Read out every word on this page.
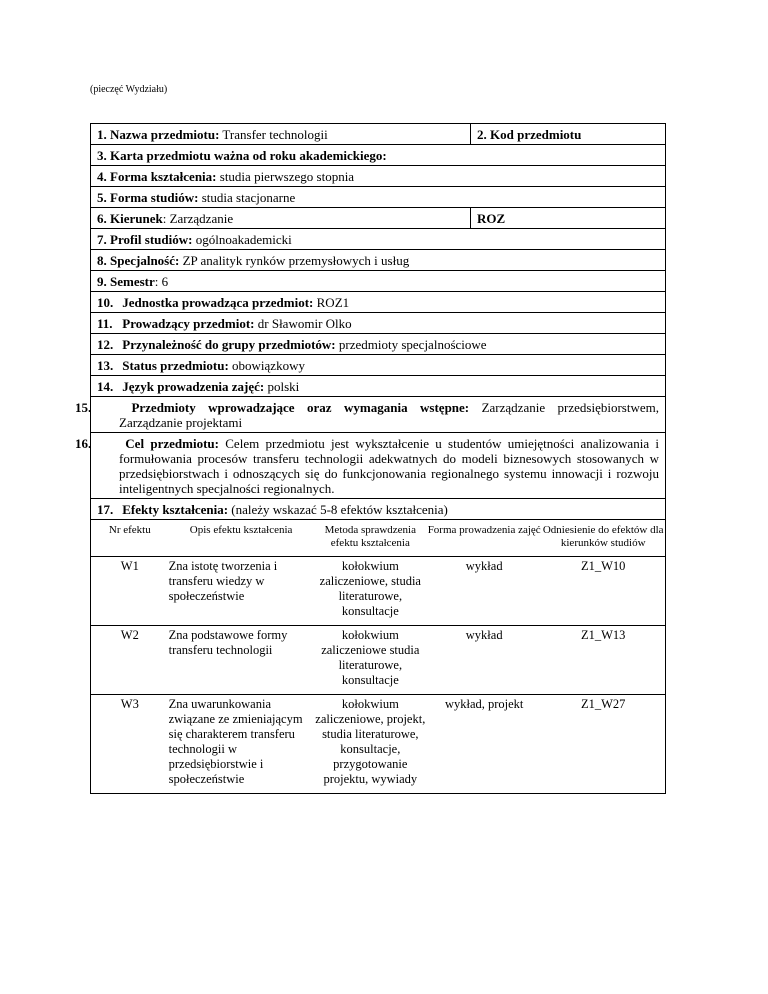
(pieczęć Wydziału)
1. Nazwa przedmiotu: Transfer technologii	2. Kod przedmiotu
3. Karta przedmiotu ważna od roku akademickiego:
4. Forma kształcenia: studia pierwszego stopnia
5. Forma studiów: studia stacjonarne
6. Kierunek: Zarządzanie	ROZ
7. Profil studiów: ogólnoakademicki
8. Specjalność: ZP analityk rynków przemysłowych i usług
9. Semestr: 6
10. Jednostka prowadząca przedmiot: ROZ1
11. Prowadzący przedmiot: dr Sławomir Olko
12. Przynależność do grupy przedmiotów: przedmioty specjalnościowe
13. Status przedmiotu: obowiązkowy
14. Język prowadzenia zajęć: polski
15.	Przedmioty wprowadzające oraz wymagania wstępne: Zarządzanie przedsiębiorstwem, Zarządzanie projektami
16.	Cel przedmiotu: Celem przedmiotu jest wykształcenie u studentów umiejętności analizowania i formułowania procesów transferu technologii adekwatnych do modeli biznesowych stosowanych w przedsiębiorstwach i odnoszących się do funkcjonowania regionalnego systemu innowacji i rozwoju inteligentnych specjalności regionalnych.
17. Efekty kształcenia: (należy wskazać 5-8 efektów kształcenia)

Nr efektu	Opis efektu kształcenia	Metoda sprawdzenia efektu kształcenia	Forma prowadzenia zajęć	Odniesienie do efektów dla kierunków studiów
W1	Zna istotę tworzenia i transferu wiedzy w społeczeństwie	kołokwium zaliczeniowe, studia literaturowe, konsultacje	wykład	Z1_W10
W2	Zna podstawowe formy transferu technologii	kołokwium zaliczeniowe studia literaturowe, konsultacje	wykład	Z1_W13
W3	Zna uwarunkowania związane ze zmieniającym się charakterem transferu technologii w przedsiębiorstwie i społeczeństwie	kołokwium zaliczeniowe, projekt, studia literaturowe, konsultacje, przygotowanie projektu, wywiady	wykład, projekt	Z1_W27
